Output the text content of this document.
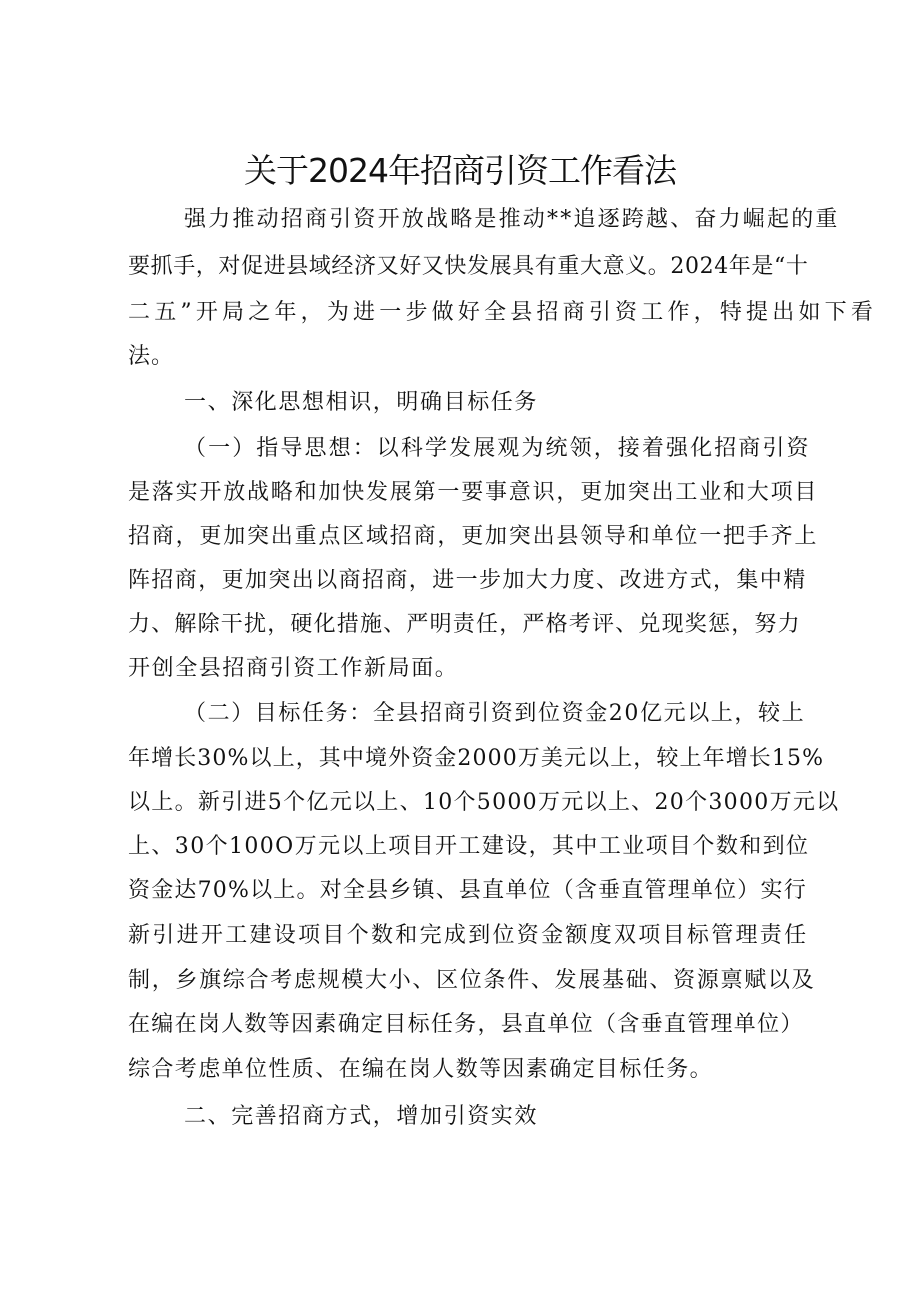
关于2024年招商引资工作看法
强力推动招商引资开放战略是推动**追逐跨越、奋力崛起的重
要抓手，对促进县域经济又好又快发展具有重大意义。2024年是“十
二五”开局之年，为进一步做好全县招商引资工作，特提出如下看
法。
一、深化思想相识，明确目标任务
（一）指导思想：以科学发展观为统领，接着强化招商引资
是落实开放战略和加快发展第一要事意识，更加突出工业和大项目
招商，更加突出重点区域招商，更加突出县领导和单位一把手齐上
阵招商，更加突出以商招商，进一步加大力度、改进方式，集中精
力、解除干扰，硬化措施、严明责任，严格考评、兑现奖惩，努力
开创全县招商引资工作新局面。
（二）目标任务：全县招商引资到位资金20亿元以上，较上
年增长30%以上，其中境外资金2000万美元以上，较上年增长15%
以上。新引进5个亿元以上、10个5000万元以上、20个3000万元以
上、30个100O万元以上项目开工建设，其中工业项目个数和到位
资金达70%以上。对全县乡镇、县直单位（含垂直管理单位）实行
新引进开工建设项目个数和完成到位资金额度双项目标管理责任
制，乡旗综合考虑规模大小、区位条件、发展基础、资源禀赋以及
在编在岗人数等因素确定目标任务，县直单位（含垂直管理单位）
综合考虑单位性质、在编在岗人数等因素确定目标任务。
二、完善招商方式，增加引资实效
